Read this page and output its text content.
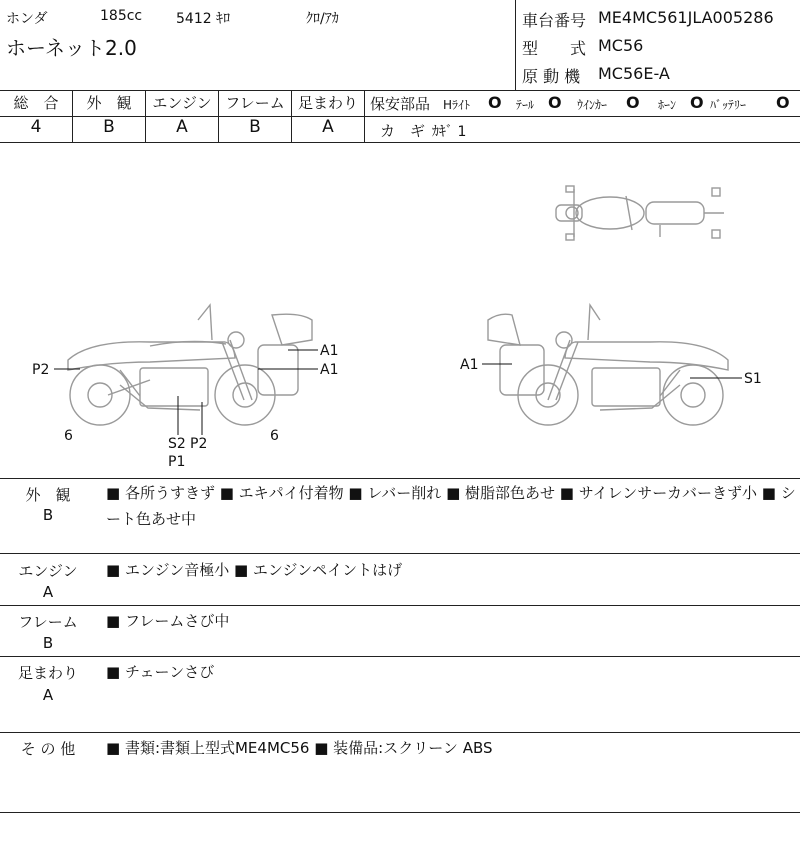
ホンダ	185cc 5412 ｷﾛ	ｸﾛ/ｱｶ
ホーネット2.0
車台番号 ME4MC561JLA005286
型　　式 MC56
原 動 機 MC56E-A
総　合	外　観	エンジン フレーム 足まわり
4	B	A	B	A
保安部品 Hﾗｲﾄ O ﾃｰﾙ O ｳｲﾝｶｰ O ﾎｰﾝ O ﾊﾞｯﾃﾘｰ O
カ　ギ ｶｷﾞ 1
P2
A1
A1
6	S2 P2
P1
6
A1
S1
外　観
B
■ 各所うすきず ■ エキパイ付着物 ■ レバー削れ ■ 樹脂部色あせ ■ サイレンサーカバーきず小 ■ シート色あせ中
エンジン
A
■ エンジン音極小 ■ エンジンペイントはげ
フレーム
B
■ フレームさび中
足まわり
A
■ チェーンさび
そ の 他	■ 書類:書類上型式ME4MC56 ■ 装備品:スクリーン ABS
